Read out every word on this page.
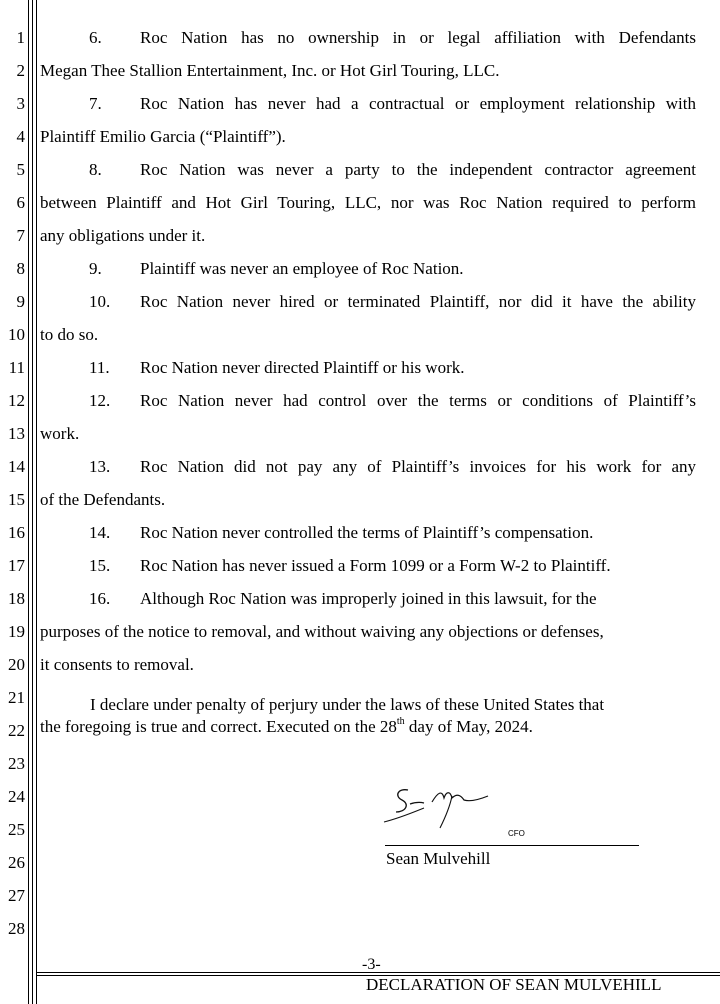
1
2
3
4
5
6
7
8
9
10
11
12
13
14
15
16
17
18
19
20
21
22
23
24
25
26
27
28
6. Roc Nation has no ownership in or legal affiliation with Defendants
Megan Thee Stallion Entertainment, Inc. or Hot Girl Touring, LLC.
7. Roc Nation has never had a contractual or employment relationship with
Plaintiff Emilio Garcia (“Plaintiff”).
8. Roc Nation was never a party to the independent contractor agreement
between Plaintiff and Hot Girl Touring, LLC, nor was Roc Nation required to perform
any obligations under it.
9. Plaintiff was never an employee of Roc Nation.
10. Roc Nation never hired or terminated Plaintiff, nor did it have the ability
to do so.
11. Roc Nation never directed Plaintiff or his work.
12. Roc Nation never had control over the terms or conditions of Plaintiff’s
work.
13. Roc Nation did not pay any of Plaintiff’s invoices for his work for any
of the Defendants.
14. Roc Nation never controlled the terms of Plaintiff’s compensation.
15. Roc Nation has never issued a Form 1099 or a Form W-2 to Plaintiff.
16. Although Roc Nation was improperly joined in this lawsuit, for the
purposes of the notice to removal, and without waiving any objections or defenses,
it consents to removal.
I declare under penalty of perjury under the laws of these United States that
the foregoing is true and correct. Executed on the 28th day of May, 2024.
CFO
Sean Mulvehill
-3-
DECLARATION OF SEAN MULVEHILL
